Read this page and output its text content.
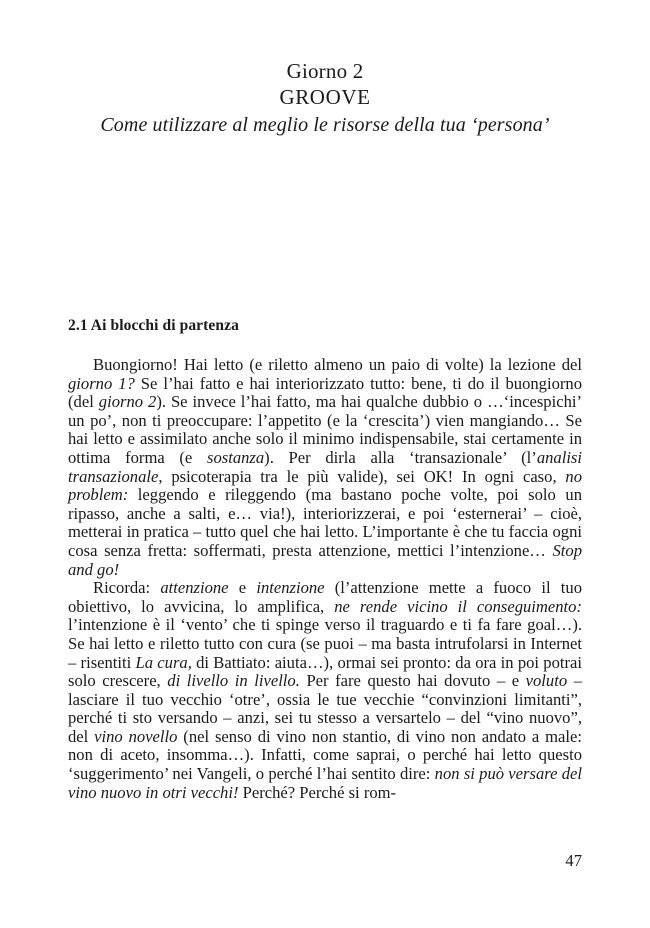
Giorno 2
GROOVE
Come utilizzare al meglio le risorse della tua ‘persona’
2.1 Ai blocchi di partenza

Buongiorno! Hai letto (e riletto almeno un paio di volte) la lezione del giorno 1? Se l’hai fatto e hai interiorizzato tutto: bene, ti do il buongiorno (del giorno 2). Se invece l’hai fatto, ma hai qualche dubbio o …‘incespichi’ un po’, non ti preoccupare: l’appetito (e la ‘crescita’) vien mangiando… Se hai letto e assimilato anche solo il minimo indispensabile, stai certamente in ottima forma (e sostanza). Per dirla alla ‘transazionale’ (l’analisi transazionale, psicoterapia tra le più valide), sei OK! In ogni caso, no problem: leggendo e rileggendo (ma bastano poche volte, poi solo un ripasso, anche a salti, e… via!), interiorizzerai, e poi ‘esternerai’ – cioè, metterai in pratica – tutto quel che hai letto. L’importante è che tu faccia ogni cosa senza fretta: soffermati, presta attenzione, mettici l’intenzione… Stop and go!

Ricorda: attenzione e intenzione (l’attenzione mette a fuoco il tuo obiettivo, lo avvicina, lo amplifica, ne rende vicino il conseguimento: l’intenzione è il ‘vento’ che ti spinge verso il traguardo e ti fa fare goal…). Se hai letto e riletto tutto con cura (se puoi – ma basta intrufolarsi in Internet – risentiti La cura, di Battiato: aiuta…), ormai sei pronto: da ora in poi potrai solo crescere, di livello in livello. Per fare questo hai dovuto – e voluto – lasciare il tuo vecchio ‘otre’, ossia le tue vecchie “convinzioni limitanti”, perché ti sto versando – anzi, sei tu stesso a versartelo – del “vino nuovo”, del vino novello (nel senso di vino non stantio, di vino non andato a male: non di aceto, insomma…). Infatti, come saprai, o perché hai letto questo ‘suggerimento’ nei Vangeli, o perché l’hai sentito dire: non si può versare del vino nuovo in otri vecchi! Perché? Perché si rom-

47
